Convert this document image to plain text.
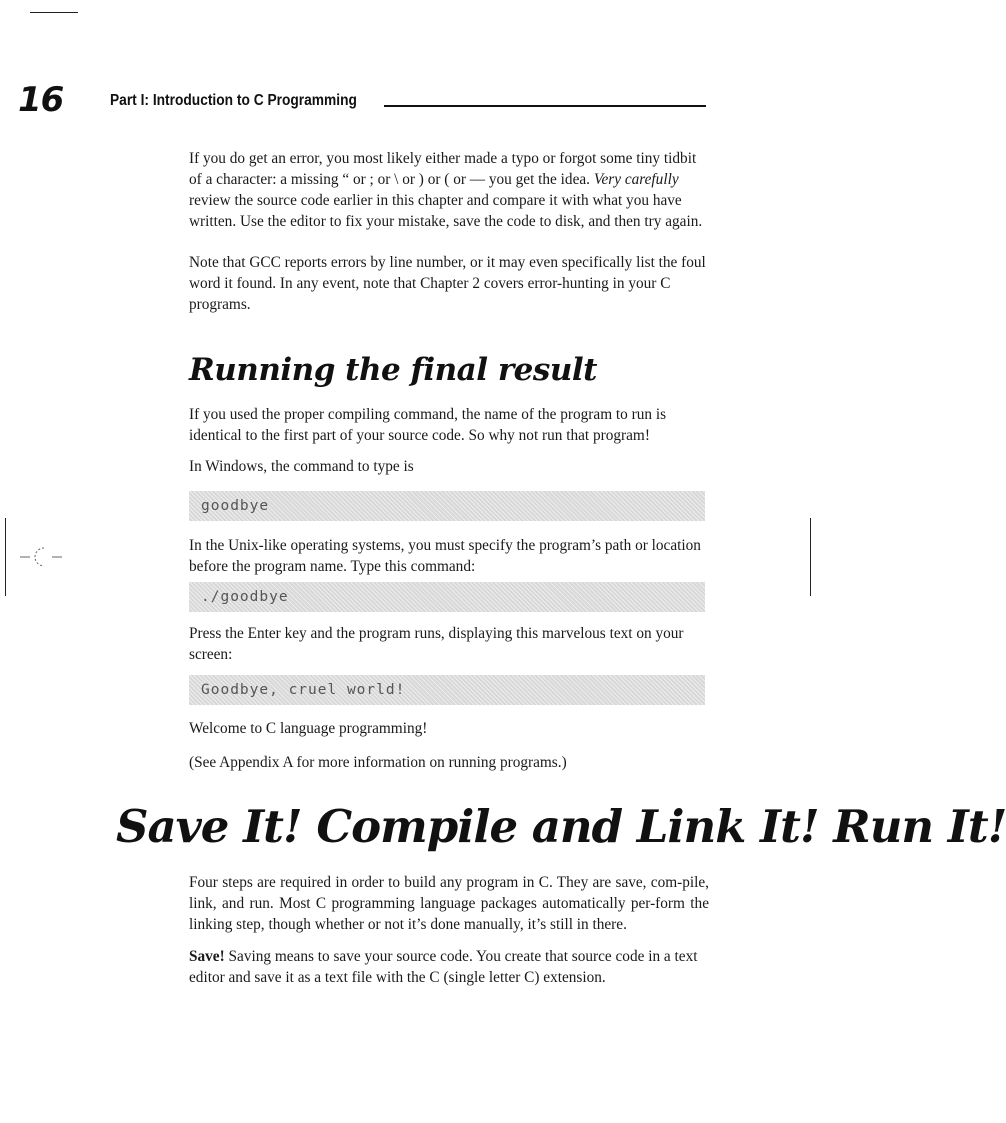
16	Part I: Introduction to C Programming

If you do get an error, you most likely either made a typo or forgot some tiny tidbit of a character: a missing “ or ; or \ or ) or ( or — you get the idea. Very carefully review the source code earlier in this chapter and compare it with what you have written. Use the editor to fix your mistake, save the code to disk, and then try again.

Note that GCC reports errors by line number, or it may even specifically list the foul word it found. In any event, note that Chapter 2 covers error-hunting in your C programs.

Running the final result

If you used the proper compiling command, the name of the program to run is identical to the first part of your source code. So why not run that program!

In Windows, the command to type is

goodbye

In the Unix-like operating systems, you must specify the program’s path or location before the program name. Type this command:

./goodbye

Press the Enter key and the program runs, displaying this marvelous text on your screen:

Goodbye, cruel world!

Welcome to C language programming!

(See Appendix A for more information on running programs.)

Save It! Compile and Link It! Run It!

Four steps are required in order to build any program in C. They are save, com-pile, link, and run. Most C programming language packages automatically per-form the linking step, though whether or not it’s done manually, it’s still in there.

Save! Saving means to save your source code. You create that source code in a text editor and save it as a text file with the C (single letter C) extension.
